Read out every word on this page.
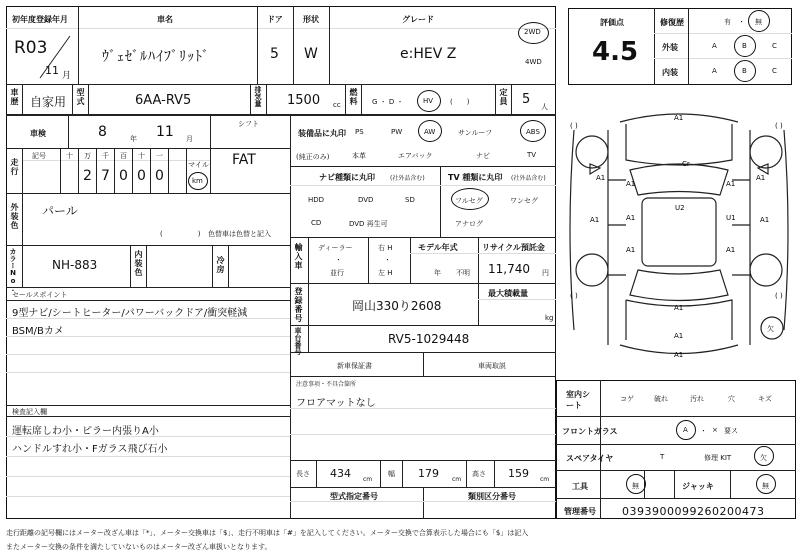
初年度登録年月
R03
11 月
車名
ｳﾞｪｾﾞﾙﾊｲﾌﾞﾘｯﾄﾞ
ドア
5
形状
W
グレード
e:HEV Z
2WD
4WD
車歴 自家用 型式	6AA-RV5	排気量 1500 cc 燃料 G ・ D ・	HV (　　)	定員 5 人
車検	8	年 11 月
シフト
FAT
走行
記号	十 万 千 百 十 一
2 7 0 0 0
マイル
km
外装色 パール
(　　　　　) 色替車は色替と記入
カラーNo.	NH-883	内装色	冷房
セールスポイント
9型ナビ/シートヒーター/パワーバックドア/衝突軽減
BSM/Bカメ
検査記入欄
運転席しわ小・ピラー内張りA小
ハンドルすれ小・Fガラス飛び石小
装備品に丸印
(純正のみ)
PS	PW	AW	サンルーフ	ABS
本革	エアバック	ナビ	TV
ナビ種類に丸印	(社外品含む)	TV 種類に丸印 (社外品含む)
HDD	DVD	SD
CD	DVD 再生可
フルセグ	ワンセグ
アナログ
輸入車 ディーラー
・
並行
右 H
・
左 H
モデル年式
年 不明
リサイクル預託金
11,740 円
登録番号	岡山330り2608
最大積載量
kg
車台番号	RV5-1029448
新車保証書	車両取説
注意事項・不具合箇所
フロアマットなし
長さ 434 cm
幅 179 cm
高さ 159 cm
型式指定番号	類別区分番号
評価点
4.5
修復歴	有 ・ 無
外装	A	B	C
内装	A	B	C
( )	( )
( )	( )
A1
Cr
A1	A1
U2
A1	U1
A1	A1
A1
A1
A1	A1
A1	A1
A1
欠
室内シート
コゲ	破れ	汚れ	穴	キズ
フロントガラス	A ・ × 要ス
スペアタイヤ	T	修理 KIT	欠
工具	無	ジャッキ	無
管理番号 0393900099260200473
走行距離の記号欄にはメーター改ざん車は「*」、メーター交換車は「$」、走行不明車は「#」を記入してください。メーター交換で合算表示した場合にも「$」は記入
またメーター交換の条件を満たしていないものはメーター改ざん車扱いとなります。
